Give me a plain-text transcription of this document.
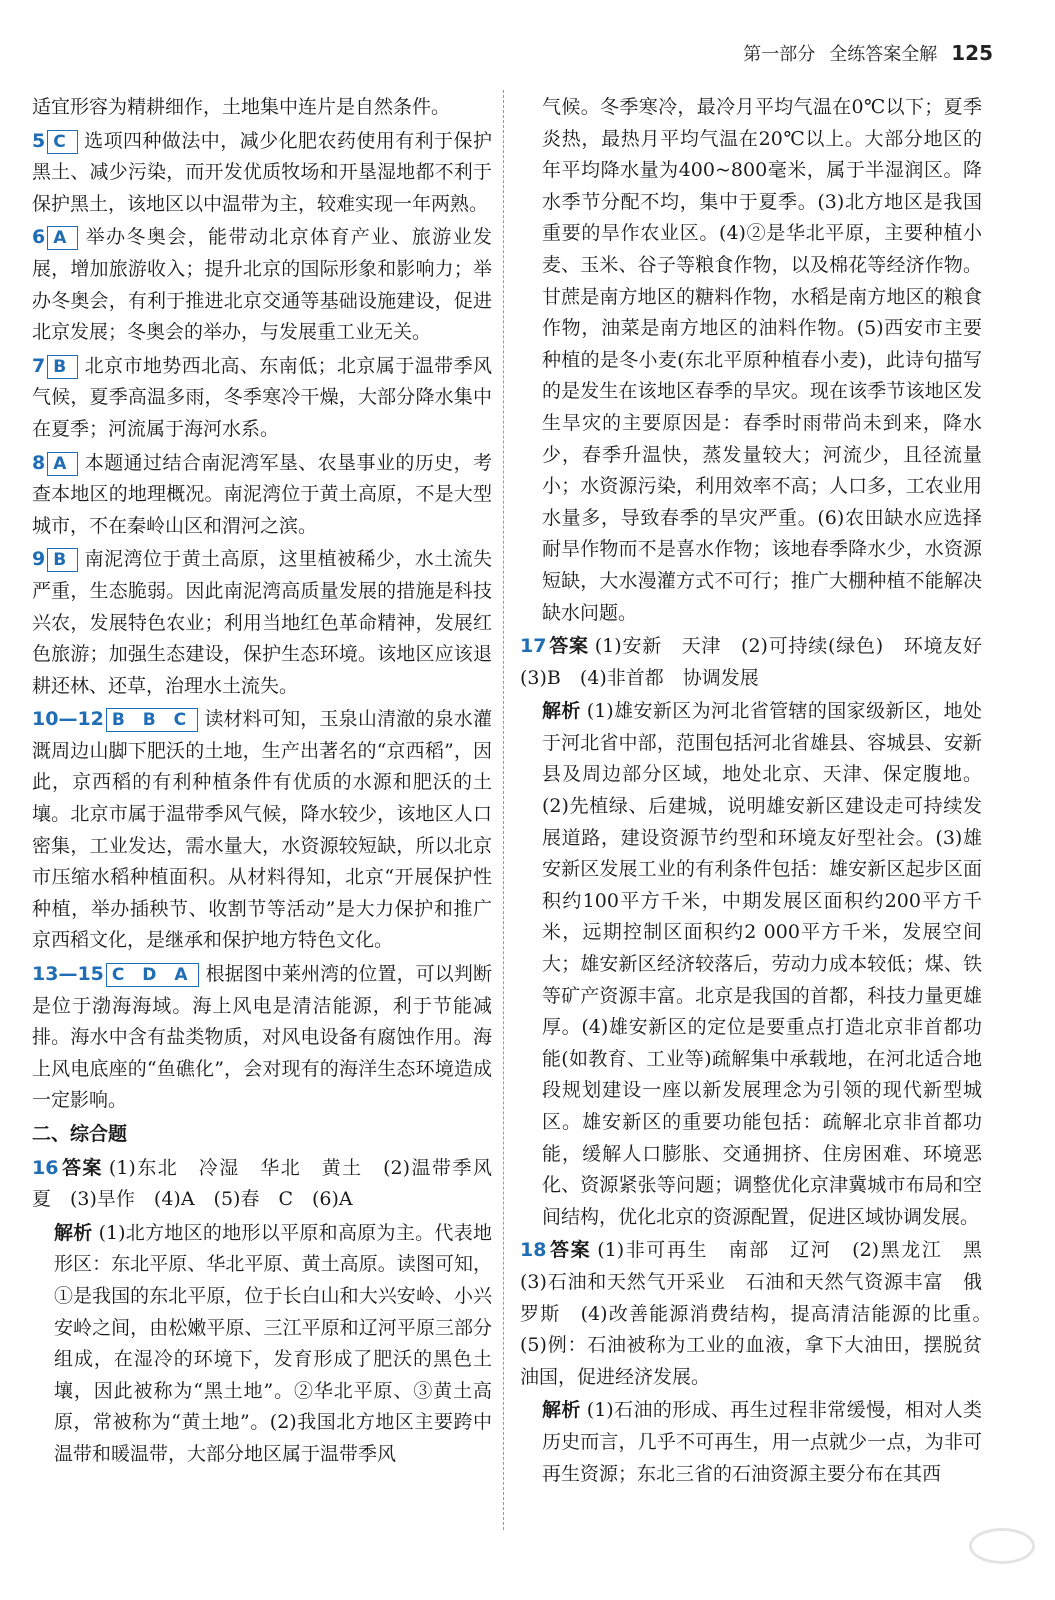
第一部分 全练答案全解 125
适宜形容为精耕细作，土地集中连片是自然条件。
5 C 选项四种做法中，减少化肥农药使用有利于保护黑土、减少污染，而开发优质牧场和开垦湿地都不利于保护黑土，该地区以中温带为主，较难实现一年两熟。
6 A 举办冬奥会，能带动北京体育产业、旅游业发展，增加旅游收入；提升北京的国际形象和影响力；举办冬奥会，有利于推进北京交通等基础设施建设，促进北京发展；冬奥会的举办，与发展重工业无关。
7 B 北京市地势西北高、东南低；北京属于温带季风气候，夏季高温多雨，冬季寒冷干燥，大部分降水集中在夏季；河流属于海河水系。
8 A 本题通过结合南泥湾军垦、农垦事业的历史，考查本地区的地理概况。南泥湾位于黄土高原，不是大型城市，不在秦岭山区和渭河之滨。
9 B 南泥湾位于黄土高原，这里植被稀少，水土流失严重，生态脆弱。因此南泥湾高质量发展的措施是科技兴农，发展特色农业；利用当地红色革命精神，发展红色旅游；加强生态建设，保护生态环境。该地区应该退耕还林、还草，治理水土流失。
10—12 B B C 读材料可知，玉泉山清澈的泉水灌溉周边山脚下肥沃的土地，生产出著名的“京西稻”，因此，京西稻的有利种植条件有优质的水源和肥沃的土壤。北京市属于温带季风气候，降水较少，该地区人口密集，工业发达，需水量大，水资源较短缺，所以北京市压缩水稻种植面积。从材料得知，北京“开展保护性种植，举办插秧节、收割节等活动”是大力保护和推广京西稻文化，是继承和保护地方特色文化。
13—15 C D A 根据图中莱州湾的位置，可以判断是位于渤海海域。海上风电是清洁能源，利于节能减排。海水中含有盐类物质，对风电设备有腐蚀作用。海上风电底座的“鱼礁化”，会对现有的海洋生态环境造成一定影响。
二、综合题
16 答案 (1)东北　冷湿　华北　黄土　(2)温带季风　夏　(3)旱作　(4)A　(5)春　C　(6)A
解析 (1)北方地区的地形以平原和高原为主。代表地形区：东北平原、华北平原、黄土高原。读图可知，①是我国的东北平原，位于长白山和大兴安岭、小兴安岭之间，由松嫩平原、三江平原和辽河平原三部分组成，在湿冷的环境下，发育形成了肥沃的黑色土壤，因此被称为“黑土地”。②华北平原、③黄土高原，常被称为“黄土地”。(2)我国北方地区主要跨中温带和暖温带，大部分地区属于温带季风
气候。冬季寒冷，最冷月平均气温在0℃以下；夏季炎热，最热月平均气温在20℃以上。大部分地区的年平均降水量为400~800毫米，属于半湿润区。降水季节分配不均，集中于夏季。(3)北方地区是我国重要的旱作农业区。(4)②是华北平原，主要种植小麦、玉米、谷子等粮食作物，以及棉花等经济作物。甘蔗是南方地区的糖料作物，水稻是南方地区的粮食作物，油菜是南方地区的油料作物。(5)西安市主要种植的是冬小麦(东北平原种植春小麦)，此诗句描写的是发生在该地区春季的旱灾。现在该季节该地区发生旱灾的主要原因是：春季时雨带尚未到来，降水少，春季升温快，蒸发量较大；河流少，且径流量小；水资源污染，利用效率不高；人口多，工农业用水量多，导致春季的旱灾严重。(6)农田缺水应选择耐旱作物而不是喜水作物；该地春季降水少，水资源短缺，大水漫灌方式不可行；推广大棚种植不能解决缺水问题。
17 答案 (1)安新　天津　(2)可持续(绿色)　环境友好　(3)B　(4)非首都　协调发展
解析 (1)雄安新区为河北省管辖的国家级新区，地处于河北省中部，范围包括河北省雄县、容城县、安新县及周边部分区域，地处北京、天津、保定腹地。(2)先植绿、后建城，说明雄安新区建设走可持续发展道路，建设资源节约型和环境友好型社会。(3)雄安新区发展工业的有利条件包括：雄安新区起步区面积约100平方千米，中期发展区面积约200平方千米，远期控制区面积约2 000平方千米，发展空间大；雄安新区经济较落后，劳动力成本较低；煤、铁等矿产资源丰富。北京是我国的首都，科技力量更雄厚。(4)雄安新区的定位是要重点打造北京非首都功能(如教育、工业等)疏解集中承载地，在河北适合地段规划建设一座以新发展理念为引领的现代新型城区。雄安新区的重要功能包括：疏解北京非首都功能，缓解人口膨胀、交通拥挤、住房困难、环境恶化、资源紧张等问题；调整优化京津冀城市布局和空间结构，优化北京的资源配置，促进区域协调发展。
18 答案 (1)非可再生　南部　辽河　(2)黑龙江　黑　(3)石油和天然气开采业　石油和天然气资源丰富　俄罗斯　(4)改善能源消费结构，提高清洁能源的比重。　(5)例：石油被称为工业的血液，拿下大油田，摆脱贫油国，促进经济发展。
解析 (1)石油的形成、再生过程非常缓慢，相对人类历史而言，几乎不可再生，用一点就少一点，为非可再生资源；东北三省的石油资源主要分布在其西
